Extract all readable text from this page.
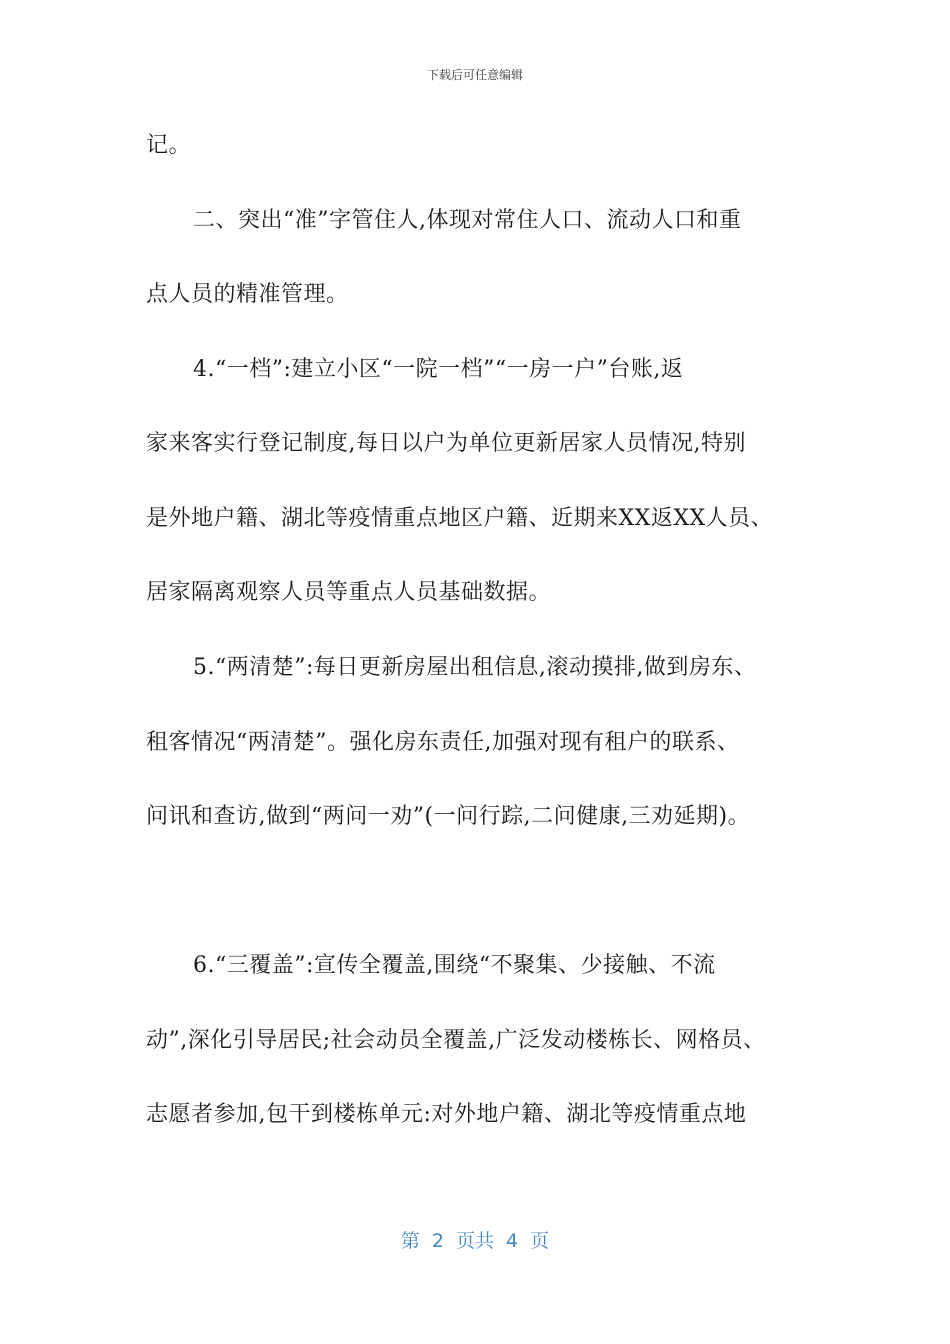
下载后可任意编辑
记。
二、突出“准”字管住人,体现对常住人口、流动人口和重
点人员的精准管理。
4.“一档”:建立小区“一院一档”“一房一户”台账,返
家来客实行登记制度,每日以户为单位更新居家人员情况,特别
是外地户籍、湖北等疫情重点地区户籍、近期来XX返XX人员、
居家隔离观察人员等重点人员基础数据。
5.“两清楚”:每日更新房屋出租信息,滚动摸排,做到房东、
租客情况“两清楚”。强化房东责任,加强对现有租户的联系、
问讯和查访,做到“两问一劝”(一问行踪,二问健康,三劝延期)。
6.“三覆盖”:宣传全覆盖,围绕“不聚集、少接触、不流
动”,深化引导居民;社会动员全覆盖,广泛发动楼栋长、网格员、
志愿者参加,包干到楼栋单元:对外地户籍、湖北等疫情重点地
第 2 页共 4 页
